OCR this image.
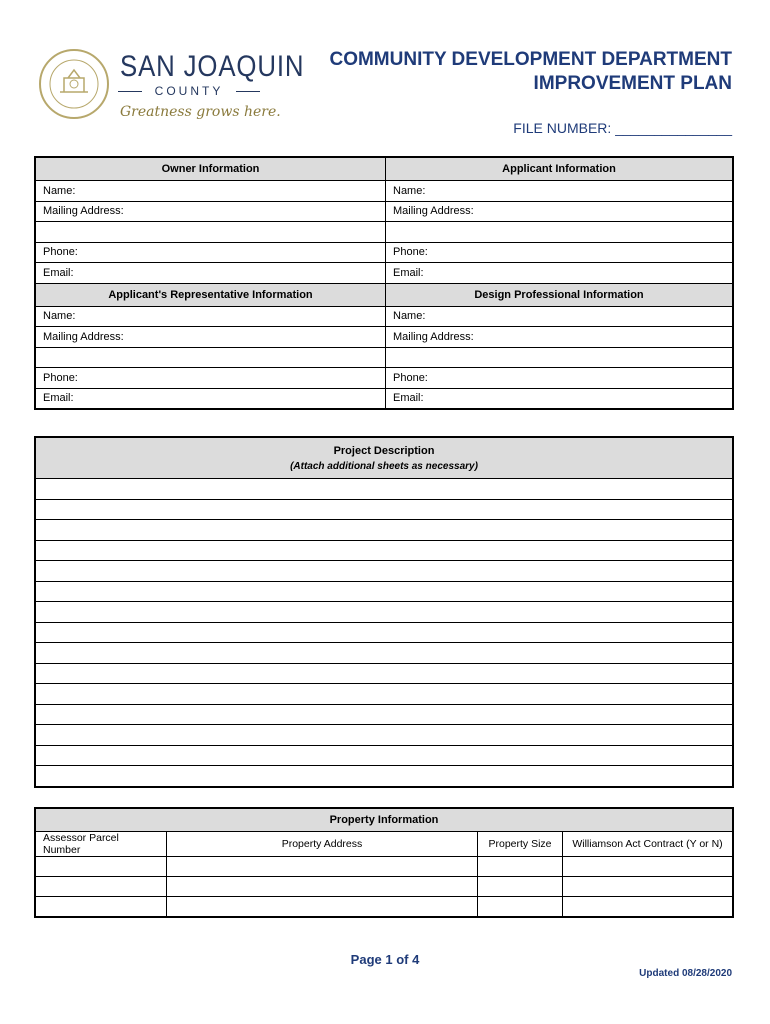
SAN JOAQUIN
COUNTY
Greatness grows here.
COMMUNITY DEVELOPMENT DEPARTMENT
IMPROVEMENT PLAN
FILE NUMBER: _______________
Owner Information	Applicant Information
Name:	Name:
Mailing Address:	Mailing Address:

Phone:	Phone:
Email:	Email:
Applicant's Representative Information	Design Professional Information
Name:	Name:
Mailing Address:	Mailing Address:

Phone:	Phone:
Email:	Email:
Project Description
(Attach additional sheets as necessary)

Property Information			
Assessor Parcel Number	Property Address	Property Size	Williamson Act Contract (Y or N)

Page 1 of 4
Updated 08/28/2020
